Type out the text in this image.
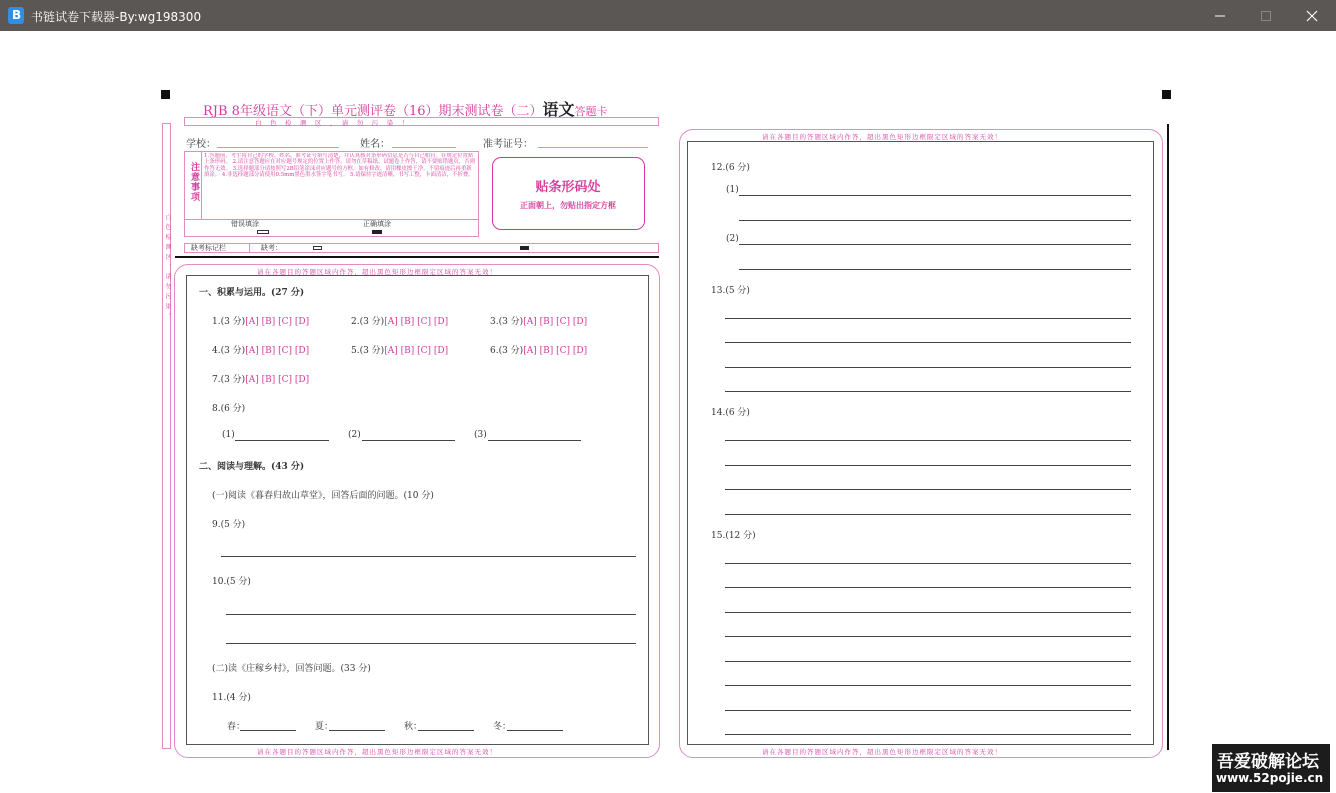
B 书链试卷下载器-By:wg198300
RJB 8年级语文（下）单元测评卷（16）期末测试卷（二）语文答题卡
白　色　检　测　区　，　请　勿　污　染　！
白 色 检 测 区 ， 请 勿 污 染 ！
学校：	姓名：	准考证号：
注意事项
1.答题前，考生将自己的学校、姓名、准考证号填写清楚，并认真核对条形码信息是否与自己相符。在规定位置贴上条形码。 2.请注意答题应在对应题号规定的位置上作答，请勿在草稿纸、试题卷上作答，请不要贴错题页，否则作答无效。 3.选择题部分请按照写2B铅笔涂沫对应题号的方框，如有修改，请用橡皮擦干净，不留痕迹后再重新填涂。 4.非选择题部分请使用0.5mm黑色墨水签字笔书写。 5.请保持字迹清晰，书写工整，卡面清洁，不折叠。
错误填涂	正确填涂
贴条形码处
正面朝上，勿贴出指定方框
缺考标记栏	缺考：
请在各题目的答题区域内作答，超出黑色矩形边框限定区域的答案无效！
请在各题目的答题区域内作答，超出黑色矩形边框限定区域的答案无效！
一、积累与运用。(27 分)
1.(3 分)[A] [B] [C] [D]	2.(3 分)[A] [B] [C] [D]	3.(3 分)[A] [B] [C] [D]
4.(3 分)[A] [B] [C] [D]	5.(3 分)[A] [B] [C] [D]	6.(3 分)[A] [B] [C] [D]
7.(3 分)[A] [B] [C] [D]
8.(6 分)
(1)	(2)	(3)
二、阅读与理解。(43 分)
(一)阅读《暮春归故山草堂》，回答后面的问题。(10 分)
9.(5 分)
10.(5 分)
(二)读《庄稼乡村》，回答问题。(33 分)
11.(4 分)
春：	夏：	秋：	冬：
请在各题目的答题区域内作答，超出黑色矩形边框限定区域的答案无效！
请在各题目的答题区域内作答，超出黑色矩形边框限定区域的答案无效！
12.(6 分)
(1)
(2)
13.(5 分)
14.(6 分)
15.(12 分)
吾爱破解论坛
www.52pojie.cn
